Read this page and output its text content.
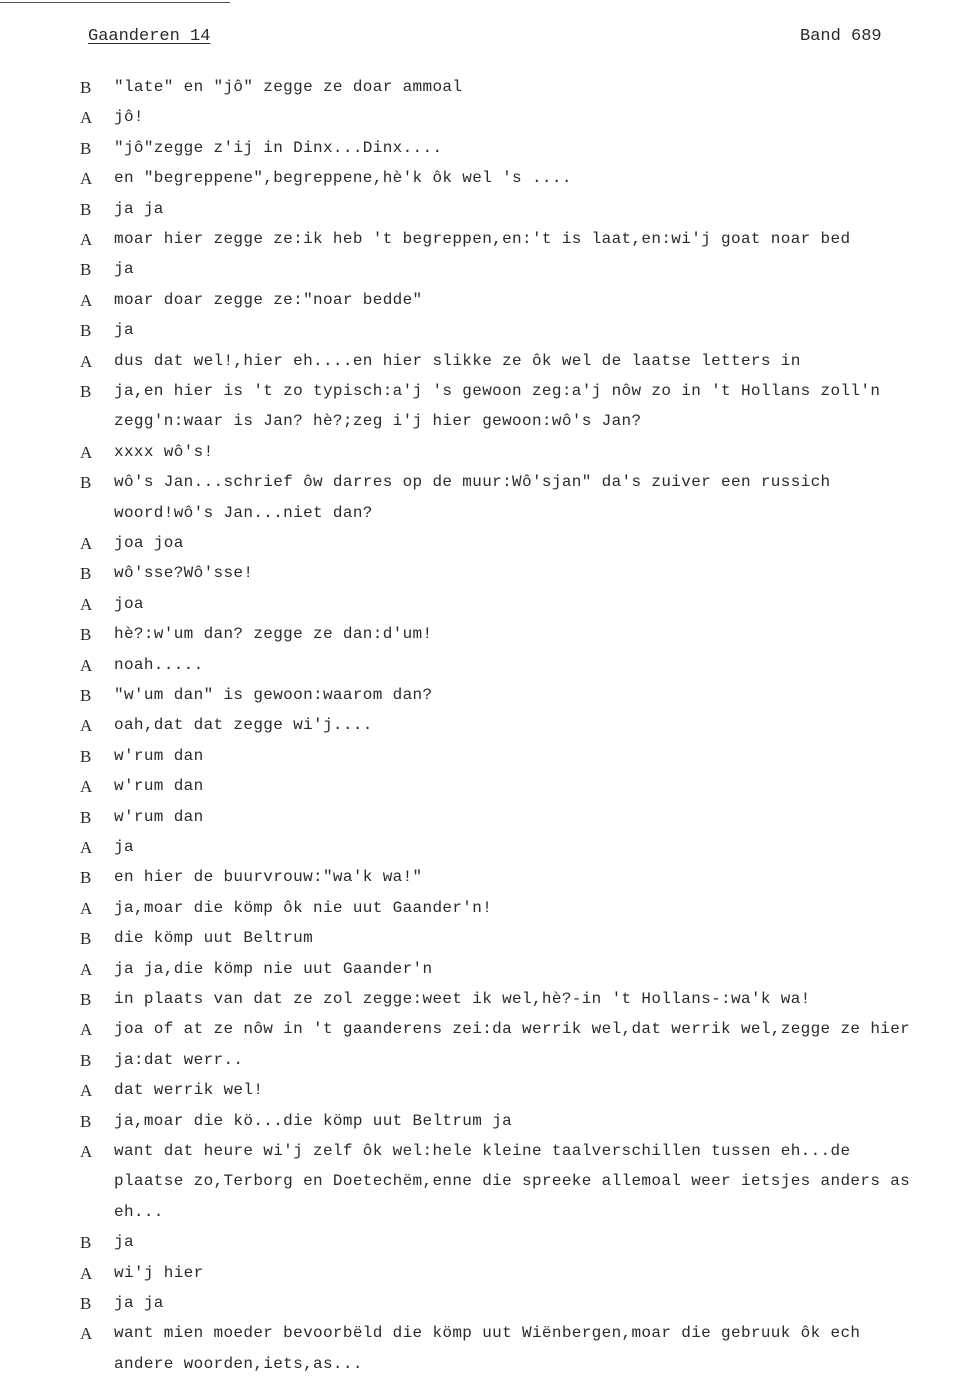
Gaanderen 14	Band 689
B "late" en "jô" zegge ze doar ammoal
A jô!
B "jô"zegge z'ij in Dinx...Dinx....
A en "begreppene",begreppene,hè'k ôk wel 's ....
B ja ja
A moar hier zegge ze:ik heb 't begreppen,en:'t is laat,en:wi'j goat noar bed
B ja
A moar doar zegge ze:"noar bedde"
B ja
A dus dat wel!,hier eh....en hier slikke ze ôk wel de laatse letters in
B ja,en hier is 't zo typisch:a'j 's gewoon zeg:a'j nôw zo in 't Hollans zoll'n
zegg'n:waar is Jan? hè?;zeg i'j hier gewoon:wô's Jan?
A xxxx wô's!
B wô's Jan...schrief ôw darres op de muur:Wô'sjan" da's zuiver een russich
woord!wô's Jan...niet dan?
A joa joa
B wô'sse?Wô'sse!
A joa
B hè?:w'um dan? zegge ze dan:d'um!
A noah.....
B "w'um dan" is gewoon:waarom dan?
A oah,dat dat zegge wi'j....
B w'rum dan
A w'rum dan
B w'rum dan
A ja
B en hier de buurvrouw:"wa'k wa!"
A ja,moar die kömp ôk nie uut Gaander'n!
B die kömp uut Beltrum
A ja ja,die kömp nie uut Gaander'n
B in plaats van dat ze zol zegge:weet ik wel,hè?-in 't Hollans-:wa'k wa!
A joa of at ze nôw in 't gaanderens zei:da werrik wel,dat werrik wel,zegge ze hier
B ja:dat werr..
A dat werrik wel!
B ja,moar die kö...die kömp uut Beltrum ja
A want dat heure wi'j zelf ôk wel:hele kleine taalverschillen tussen eh...de
plaatse zo,Terborg en Doetechëm,enne die spreeke allemoal weer ietsjes anders as
eh...
B ja
A wi'j hier
B ja ja
A want mien moeder bevoorbëld die kömp uut Wiënbergen,moar die gebruuk ôk ech
andere woorden,iets,as...
